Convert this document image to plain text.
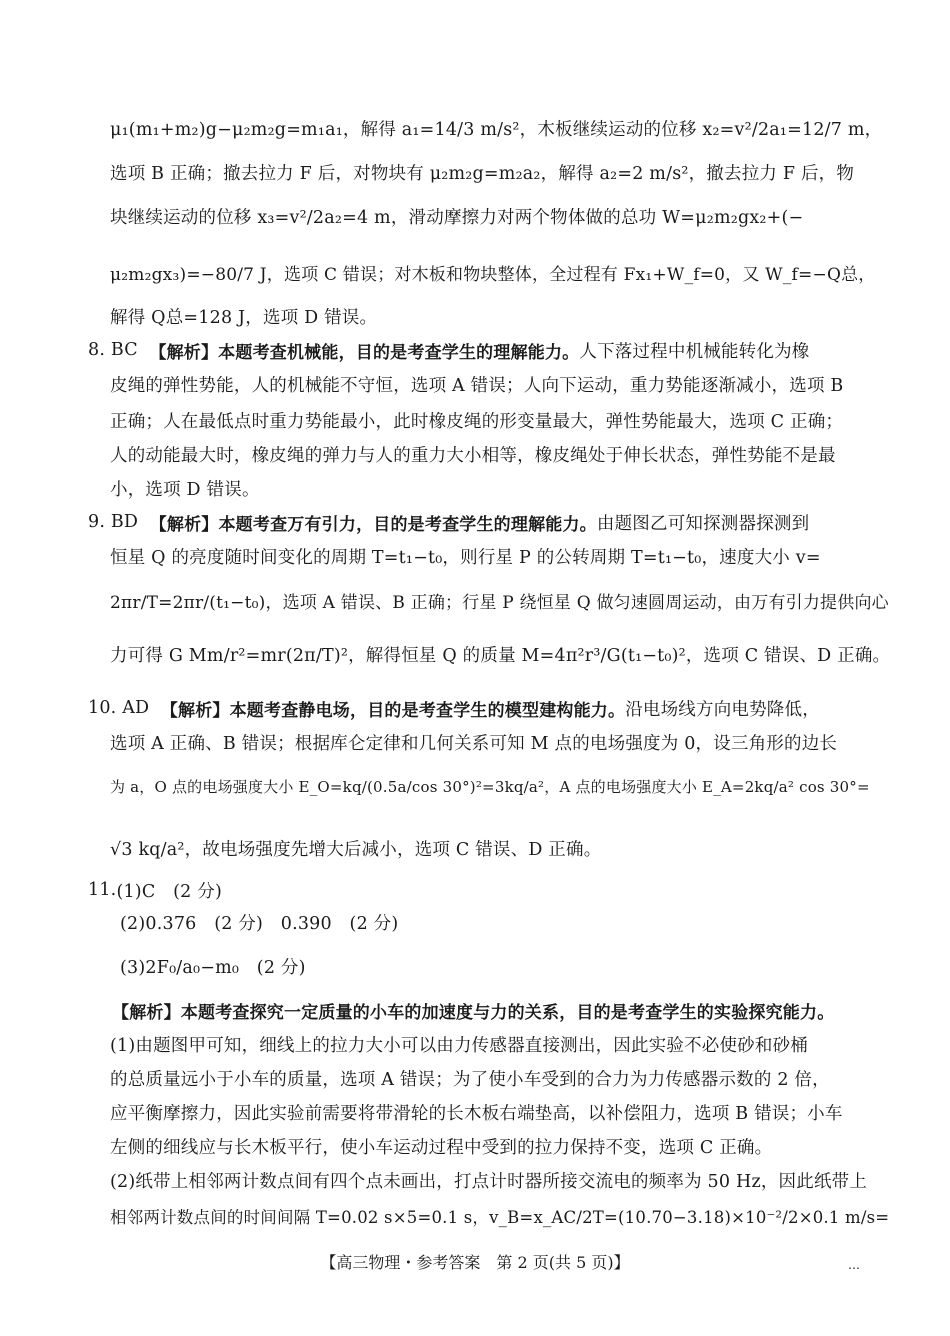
μ₁(m₁+m₂)g−μ₂m₂g=m₁a₁，解得 a₁=14/3 m/s²，木板继续运动的位移 x₂=v²/2a₁=12/7 m，
选项 B 正确；撤去拉力 F 后，对物块有 μ₂m₂g=m₂a₂，解得 a₂=2 m/s²，撤去拉力 F 后，物
块继续运动的位移 x₃=v²/2a₂=4 m，滑动摩擦力对两个物体做的总功 W=μ₂m₂gx₂+(−
μ₂m₂gx₃)=−80/7 J，选项 C 错误；对木板和物块整体，全过程有 Fx₁+W_f=0，又 W_f=−Q总，
解得 Q总=128 J，选项 D 错误。
8. BC
【解析】本题考查机械能，目的是考查学生的理解能力。 人下落过程中机械能转化为橡
皮绳的弹性势能，人的机械能不守恒，选项 A 错误；人向下运动，重力势能逐渐减小，选项 B
正确；人在最低点时重力势能最小，此时橡皮绳的形变量最大，弹性势能最大，选项 C 正确；
人的动能最大时，橡皮绳的弹力与人的重力大小相等，橡皮绳处于伸长状态，弹性势能不是最
小，选项 D 错误。
9. BD
【解析】本题考查万有引力，目的是考查学生的理解能力。 由题图乙可知探测器探测到
恒星 Q 的亮度随时间变化的周期 T=t₁−t₀，则行星 P 的公转周期 T=t₁−t₀，速度大小 v=
2πr/T=2πr/(t₁−t₀)，选项 A 错误、B 正确；行星 P 绕恒星 Q 做匀速圆周运动，由万有引力提供向心
力可得 G Mm/r²=mr(2π/T)²，解得恒星 Q 的质量 M=4π²r³/G(t₁−t₀)²，选项 C 错误、D 正确。
10. AD
【解析】本题考查静电场，目的是考查学生的模型建构能力。 沿电场线方向电势降低，
选项 A 正确、B 错误；根据库仑定律和几何关系可知 M 点的电场强度为 0，设三角形的边长
为 a，O 点的电场强度大小 E_O=kq/(0.5a/cos 30°)²=3kq/a²，A 点的电场强度大小 E_A=2kq/a² cos 30°=
√3 kq/a²，故电场强度先增大后减小，选项 C 错误、D 正确。
11. (1)C　(2 分)
(2)0.376　(2 分)　0.390　(2 分)
(3)2F₀/a₀−m₀　(2 分)
【解析】本题考查探究一定质量的小车的加速度与力的关系，目的是考查学生的实验探究能力。
(1)由题图甲可知，细线上的拉力大小可以由力传感器直接测出，因此实验不必使砂和砂桶
的总质量远小于小车的质量，选项 A 错误；为了使小车受到的合力为力传感器示数的 2 倍，
应平衡摩擦力，因此实验前需要将带滑轮的长木板右端垫高，以补偿阻力，选项 B 错误；小车
左侧的细线应与长木板平行，使小车运动过程中受到的拉力保持不变，选项 C 正确。
(2)纸带上相邻两计数点间有四个点未画出，打点计时器所接交流电的频率为 50 Hz，因此纸带上
相邻两计数点间的时间间隔 T=0.02 s×5=0.1 s，v_B=x_AC/2T=(10.70−3.18)×10⁻²/2×0.1 m/s=
【高三物理・参考答案　第 2 页(共 5 页)】	…
